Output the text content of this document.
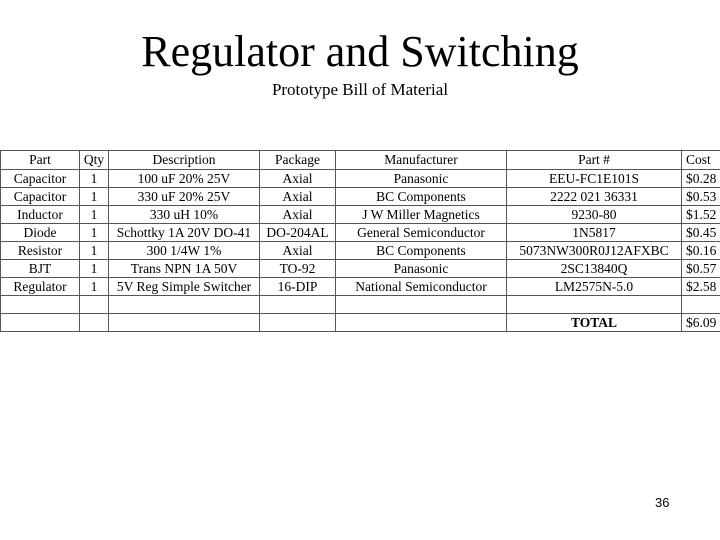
Regulator and Switching
Prototype Bill of Material
Part	Qty	Description	Package	Manufacturer	Part #	Cost
Capacitor	1	100 uF 20% 25V	Axial	Panasonic	EEU-FC1E101S	$0.28
Capacitor	1	330 uF 20% 25V	Axial	BC Components	2222 021 36331	$0.53
Inductor	1	330 uH 10%	Axial	J W Miller Magnetics	9230-80	$1.52
Diode	1	Schottky 1A 20V DO-41	DO-204AL	General Semiconductor	1N5817	$0.45
Resistor	1	300 1/4W 1%	Axial	BC Components	5073NW300R0J12AFXBC	$0.16
BJT	1	Trans NPN 1A 50V	TO-92	Panasonic	2SC13840Q	$0.57
Regulator	1	5V Reg Simple Switcher	16-DIP	National Semiconductor	LM2575N-5.0	$2.58

					TOTAL	$6.09
36
